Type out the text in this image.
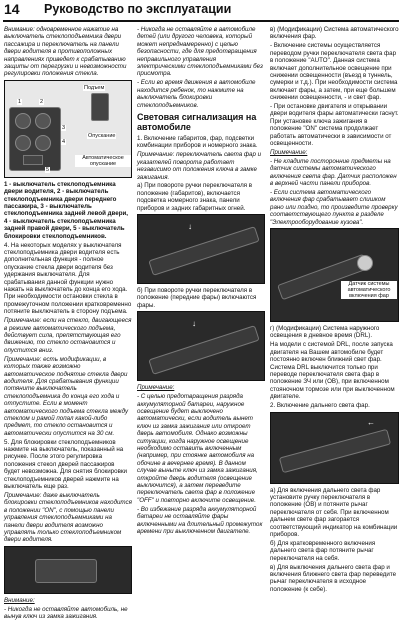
14 Руководство по эксплуатации

Внимание: одновременное нажатие на выключатель стеклоподъемника двери пассажира и переключатель на панели двери водителя в противоположных направлениях приведет к срабатыванию защиты от перегрузки и невозможности регулировки положения стекла.

Подъем
Опускание
Автоматическое опускание
1	2
3
4
5

1 - выключатель стеклоподъемника двери водителя, 2 - выключатель стеклоподъемника двери переднего пассажира, 3 - выключатель стеклоподъемника задней левой двери, 4 - выключатель стеклоподъемника задней правой двери, 5 - выключатель блокировки стеклоподъемников.

4. На некоторых моделях у выключателя стеклоподъемника двери водителя есть дополнительная функция - полное опускание стекла двери водителя без удержания выключателя. Для срабатывания данной функции нужно нажать на выключатель до конца его хода. При необходимости остановки стекла в промежуточном положении кратковременно потяните выключатель в сторону подъема.

Примечание: если на стекло, двигающееся в режиме автоматического подъема, действует сила, препятствующая его движению, то стекло остановится и опустится вниз.

Примечание: есть модификации, в которых также возможно автоматическое поднятие стекла двери водителя. Для срабатывания функции потяните выключатель стеклоподъемника до конца его хода и отпустите. Если в момент автоматического подъема стекла между стеклом и рамой попал какой-либо предмет, то стекло остановится и автоматически опустится на 30 см.

5. Для блокировки стеклоподъемников нажмите на выключатель, показанный на рисунке. После этого регулировка положения стекол дверей пассажиров будет невозможна. Для снятия блокировки стеклоподъемников дверей нажмите на выключатель еще раз.

Примечание: даже выключатель блокировки стеклоподъемников находится в положении "ON", с помощью панели управления стеклоподъемниками на панели двери водителя возможно управлять только стеклоподъемником двери водителя.

Внимание:

- Никогда не оставляйте автомобиль, не вынув ключ из замка зажигания.

- Никогда не оставляйте в автомобиле детей (или другого человека, который может непреднамеренно) с целью безопасности, где для предотвращения неправильного управления электрическими стеклоподъемниками без присмотра.

- Если во время движения в автомобиле находится ребенок, то нажмите на выключатель блокировки стеклоподъемников.

Световая сигнализация на автомобиле

1. Включение габаритов, фар, подсветки комбинации приборов и номерного знака.

Примечание: переключатель света фар и указателей поворота работает независимо от положения ключа в замке зажигания.

а) При повороте ручки переключателя в положение (габаритов), включается подсветка номерного знака, панели приборов и задних габаритных огней.

↓

б) При повороте ручки переключателя в положение (передние фары) включаются фары.

↓

Примечание:

- С целью предотвращения разряда аккумуляторной батареи, наружное освещение будет выключено автоматически, если водитель вынет ключ из замка зажигания или откроет дверь автомобиля. Однако возможны ситуации, когда наружное освещение необходимо оставить включенным (например, при стоянке автомобиля на обочине в вечернее время). В данном случае выньте ключ из замка зажигания, откройте дверь водителя (освещение выключится), а затем переведите переключатель света фар в положение "OFF" и повторно включите освещение.

- Во избежание разряда аккумуляторной батареи не оставляйте фары включенными на длительный промежуток времени при выключенном двигателе.

в) (Модификации) Система автоматического включения фар.

- Включение системы осуществляется переводом ручки переключателя света фар в положение "AUTO". Данная система включает дополнительное освещение при снижении освещенности (въезд в туннель, сумерки и т.д.). При необходимости система включает фары, а затем, при еще большем снижении освещенности, - и свет фар.

- При остановке двигателя и открывании двери водителя фары автоматически гаснут. При установке ключа зажигания в положение "ON" система продолжает работать автоматически в зависимости от освещенности.

Примечание:

- Не кладите посторонние предметы на датчик системы автоматического включения света фар. Датчик расположен в верхней части панели приборов.

- Если система автоматического включения фар срабатывает слишком рано или поздно, то произведите проверку соответствующего пункта в разделе "Электрооборудование кузова".

Датчик системы автоматического включения фар

г) (Модификации) Система наружного освещения в дневное время (DRL).

На модели с системой DRL, после запуска двигателя на Вашем автомобиле будет постоянно включен ближний свет фар. Система DRL выключится только при переводе переключателя света фар в положение ЗЧ или (ОВ), при включенном стояночном тормозе или при выключенном двигателе.

2. Включение дальнего света фар.

←

а) Для включения дальнего света фар установите ручку переключателя в положение (ОВ) и потяните рычаг переключателя от себя. При включенном дальнем свете фар загорается соответствующий индикатор на комбинации приборов.

б) Для кратковременного включения дальнего света фар потяните рычаг переключателя на себя.

в) Для выключения дальнего света фар и включения ближнего света фар переведите рычаг переключателя в исходное положение (к себе).
